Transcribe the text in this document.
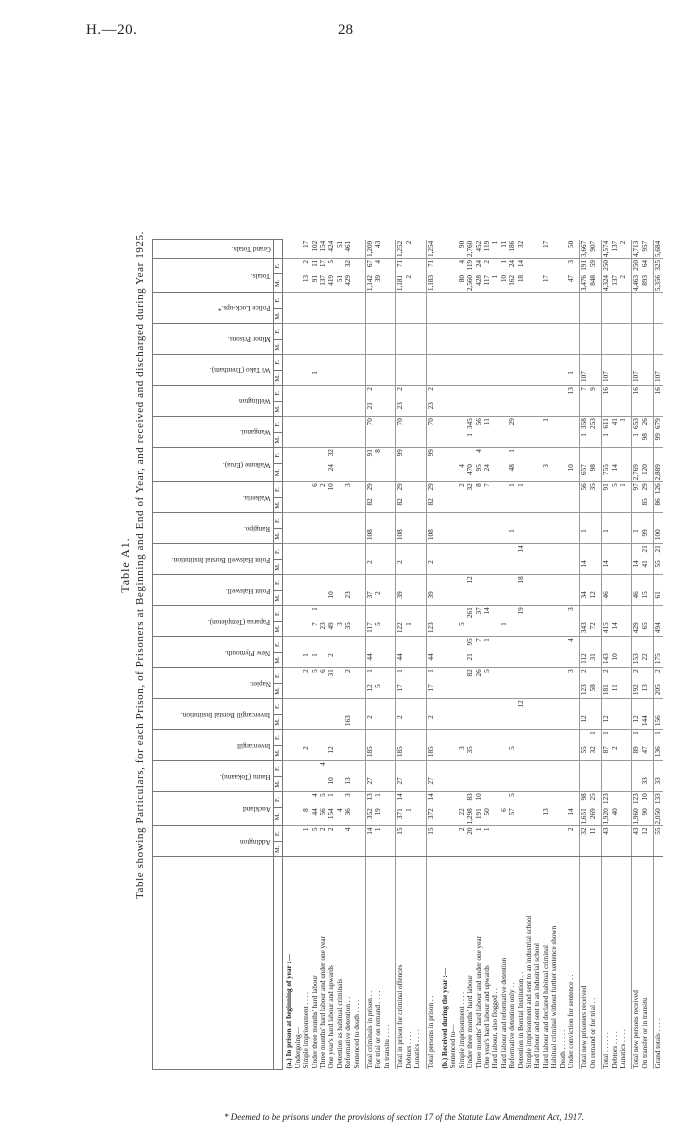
H.—20.	28
Table A1. Table showing Particulars, for each Prison, of Prisoners at Beginning and End of Year, and received and discharged during Year 1925.
		Addington		Auckland		Hautu (Tokaanu).		Invercargill		Invercargill Borstal Institution.		Napier.		New Plymouth.		Paparua (Templeton).		Point Halswell.		Point Halswell Borstal Institution.		Rangipo.		Waikeria.		Waikune (Erua).		Wanganui.		Wellington		Wi Tako (Trentham).		Minor Prisons.		Police Lock-ups.*		Totals.		Grand Totals.
	M.	F.	M.	F.	M.	F.	M.	F.	M.	F.	M.	F.	M.	F.	M.	F.	M.	F.	M.	F.	M.	F.	M.	F.	M.	F.	M.	F.	M.	F.	M.	F.	M.	F.	M.	F.	M.	F.	
(a.) In prison at beginning of year :—																																							
Undergoing—																																							
Simple imprisonment . . . .		1	8				2					2	1																								13	2	17
Under three months' hard labour		5	44	4								5	1		7	1								6							1						91	11	102
Three months' hard labour and under one year		2	56	5		4						6			23									2													137	17	154
One year's hard labour and upwards		2	154	1	10		12					31	2		49		10							10	24	32											419	5	424
Detention as habitual criminals			4												3																						51		51
Reformative detention . .		4	36	3	13				163			2			35		23							3													429	32	461
Sentenced to death . . . .																																							

Total criminals in prison . .		14	352	13	27		185		2		12	1	44		117		37		2		108		82	29		91		70	21	2							1,142	67	1,209
For trial or on remand . . . .		1	19	1							5				5		2									8											39	4	43
In transitu . . . .																																							

Total in prison for criminal offences		15	371	14	27		185		2		17	1	44		122		39		2		108		82	29		99		70	23	2							1,181	71	1,252
Debtors . . . .			1												1																						2		2
Lunatics . . . .																																							

Total persons in prison . .		15	372	14	27		185		2		17	1	44		123		39		2		108		82	29		99		70	23	2							1,183	71	1,254

(b.) Received during the year :—																																							
Sentenced to—																																							
Simple imprisonment . . . .		2	22				3								5									2	4												80	4	90
Under three months' hard labour		20	1,298	83			35					82	21	95		261		12						32	470		1	345									2,560	119	2,760
Three months' hard labour and under one year		1	191	10								26		7		37								8	95	4		56									428	24	452
One year's hard labour and upwards		1	50									5		1		14								7	24			11									117	2	119
Hard labour, also flogged . .																																					1		1
Hard labour and reformative detention			6												1																						10	1	11
Reformative detention only . .			57	5			5														1			1	48	1		29									162	24	186
Detention in Borstal Institution . .										12						19		18		14				1													18	14	32
Simple imprisonment and sent to an industrial school																																							
Hard labour and sent to an industrial school																																							
Hard labour and declared habitual criminal			13																						3			1									17		17
Habitual criminal without further sentence shown																																							
Death . . . . . .																																							
Under conviction for sentence . .		2	14									3		4		3									10					13	1						47	3	50

Total new prisoners received		32	1,651	98			55		12		123	2	112		343		34		14		1			56	657		1	358		7	107						3,476	191	3,667
On remand or for trial . .		11	269	25			32	1			58		31		72		12							35	98			253		9							848	59	907

Total . . . . . .		43	1,920	123			87	1	12		181	2	143		415		46		14		1			91	755		1	611		16	107						4,324	250	4,574
Debtors . . . .			40				2				11		10		14									5	14			41									137		137
Lunatics . . . .																								1				1									2		2

Total new persons received		43	1,960	123			89	1	12		192	2	153		429		46		14		1			97	2,769		1	653		16	107						4,463	250	4,713
On transfer or in transitu		12	90	10	33		47		144		13		22		65		15		41	21	99		85	29	120		98	26									893	64	957

Grand totals . . . .		55	2,050	133	33		136	1	156		205	2	175		494		61		55	21	100		86	126	2,889		99	679		16	107						5,356	325	5,684
* Deemed to be prisons under the provisions of section 17 of the Statute Law Amendment Act, 1917.
